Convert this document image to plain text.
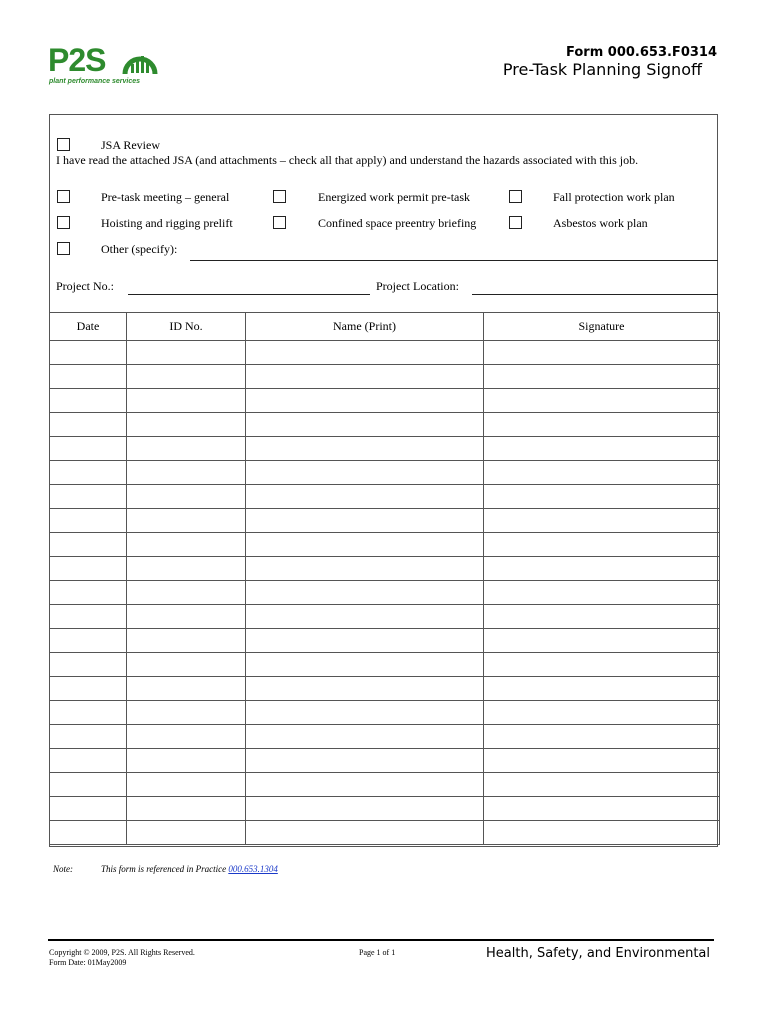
P2S
plant performance services
Form 000.653.F0314
Pre-Task Planning Signoff
JSA Review
I have read the attached JSA (and attachments – check all that apply) and understand the hazards associated with this job.
Pre-task meeting – general	Energized work permit pre-task	Fall protection work plan
Hoisting and rigging prelift	Confined space preentry briefing	Asbestos work plan
Other (specify):
Project No.:	Project Location:
Date	ID No.	Name (Print)	Signature

Note:	This form is referenced in Practice 000.653.1304
Copyright © 2009, P2S. All Rights Reserved.
Form Date: 01May2009
Page 1 of 1	Health, Safety, and Environmental
